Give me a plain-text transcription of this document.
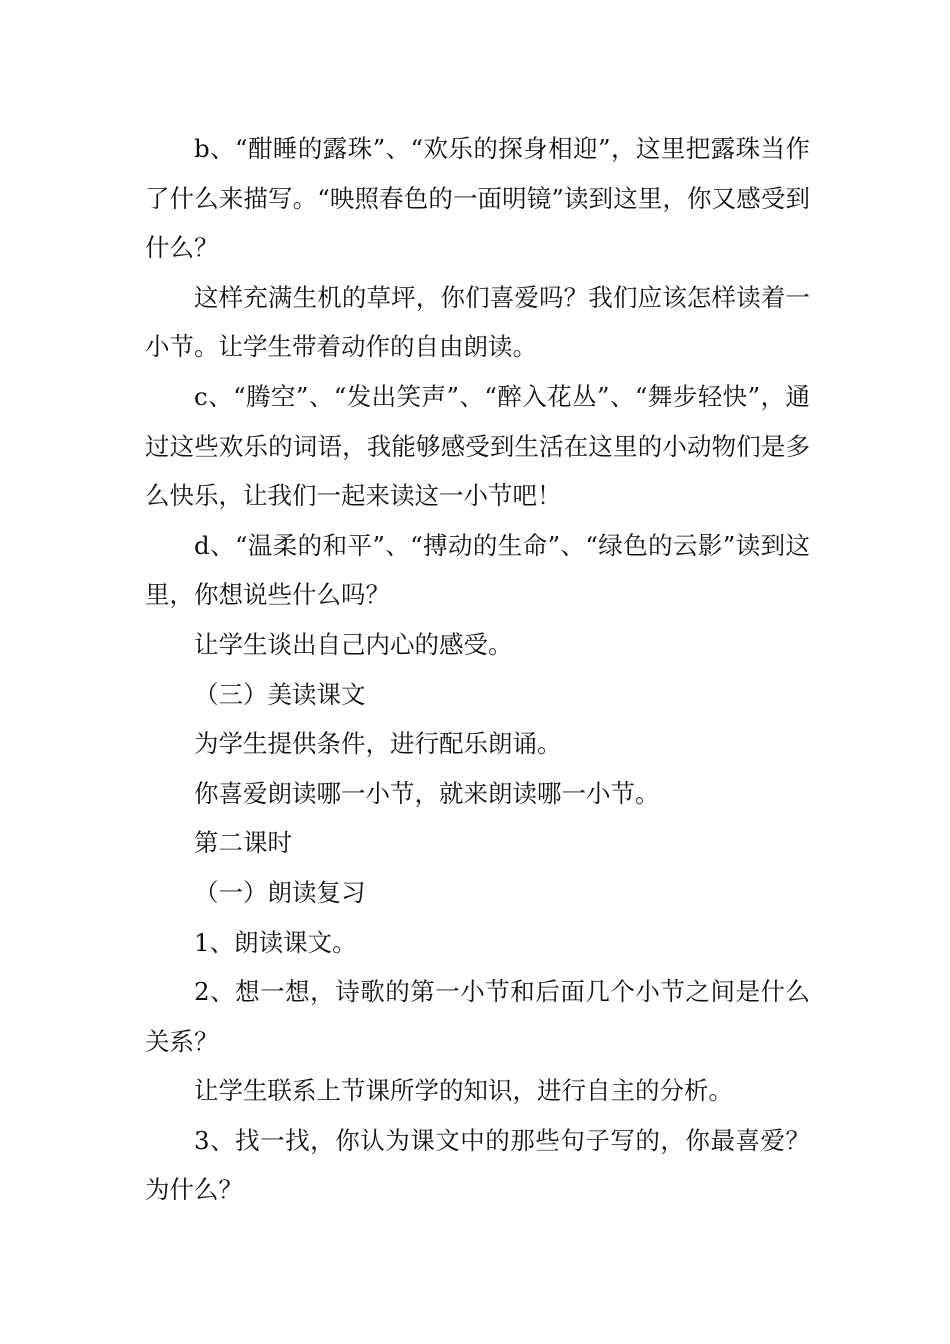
b、“酣睡的露珠”、“欢乐的探身相迎”，这里把露珠当作了什么来描写。“映照春色的一面明镜”读到这里，你又感受到什么？

这样充满生机的草坪，你们喜爱吗？我们应该怎样读着一小节。让学生带着动作的自由朗读。

c、“腾空”、“发出笑声”、“醉入花丛”、“舞步轻快”，通过这些欢乐的词语，我能够感受到生活在这里的小动物们是多么快乐，让我们一起来读这一小节吧！

d、“温柔的和平”、“搏动的生命”、“绿色的云影”读到这里，你想说些什么吗？

让学生谈出自己内心的感受。

（三）美读课文

为学生提供条件，进行配乐朗诵。

你喜爱朗读哪一小节，就来朗读哪一小节。

第二课时

（一）朗读复习

1、朗读课文。

2、想一想，诗歌的第一小节和后面几个小节之间是什么关系？

让学生联系上节课所学的知识，进行自主的分析。

3、找一找，你认为课文中的那些句子写的，你最喜爱？为什么？
